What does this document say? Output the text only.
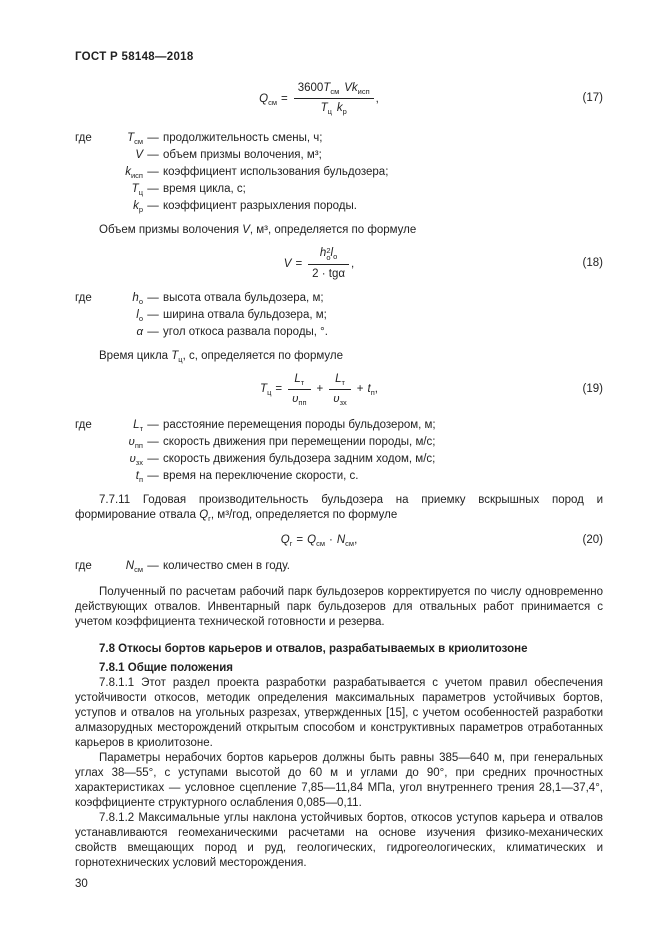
ГОСТ Р 58148—2018
$Q_{см} = \frac{3600T_{см} Vk_{исп}}{T_ц k_р}$ ,	(17)
где	$T_{см}$ — продолжительность смены, ч;
V — объем призмы волочения, м³;
$k_{исп}$ — коэффициент использования бульдозера;
$T_ц$ — время цикла, с;
$k_р$ — коэффициент разрыхления породы.

Объем призмы волочения V, м³, определяется по формуле

V = h 2
о $l_о$
2 · tgα ,	(18)
где	$h_о$ — высота отвала бульдозера, м;
$l_о$ — ширина отвала бульдозера, м;
α — угол откоса развала породы, °.

Время цикла $T_ц$, с, определяется по формуле

$T_ц = \frac{L_т}{\upsilon_{пп}} + \frac{L_т}{\upsilon_{зх}} + t_п$,	(19)
где	$L_т$ — расстояние перемещения породы бульдозером, м;
$\upsilon_{пп}$ — скорость движения при перемещении породы, м/с;
$\upsilon_{зх}$ — скорость движения бульдозера задним ходом, м/с;
$t_п$ — время на переключение скорости, с.

7.7.11 Годовая производительность бульдозера на приемку вскрышных пород и формирование отвала $Q_г$, м³/год, определяется по формуле

$Q_г = Q_{см} \cdot N_{см}$,	(20)
где	$N_{см}$ — количество смен в году.

Полученный по расчетам рабочий парк бульдозеров корректируется по числу одновременно действующих отвалов. Инвентарный парк бульдозеров для отвальных работ принимается с учетом коэффициента технической готовности и резерва.

7.8 Откосы бортов карьеров и отвалов, разрабатываемых в криолитозоне

7.8.1 Общие положения

7.8.1.1 Этот раздел проекта разработки разрабатывается с учетом правил обеспечения устойчивости откосов, методик определения максимальных параметров устойчивых бортов, уступов и отвалов на угольных разрезах, утвержденных [15], с учетом особенностей разработки алмазорудных месторождений открытым способом и конструктивных параметров отработанных карьеров в криолитозоне.

Параметры нерабочих бортов карьеров должны быть равны 385—640 м, при генеральных углах 38—55°, с уступами высотой до 60 м и углами до 90°, при средних прочностных характеристиках — условное сцепление 7,85—11,84 МПа, угол внутреннего трения 28,1—37,4°, коэффициенте структурного ослабления 0,085—0,11.

7.8.1.2 Максимальные углы наклона устойчивых бортов, откосов уступов карьера и отвалов устанавливаются геомеханическими расчетами на основе изучения физико-механических свойств вмещающих пород и руд, геологических, гидрогеологических, климатических и горнотехнических условий месторождения.

30
